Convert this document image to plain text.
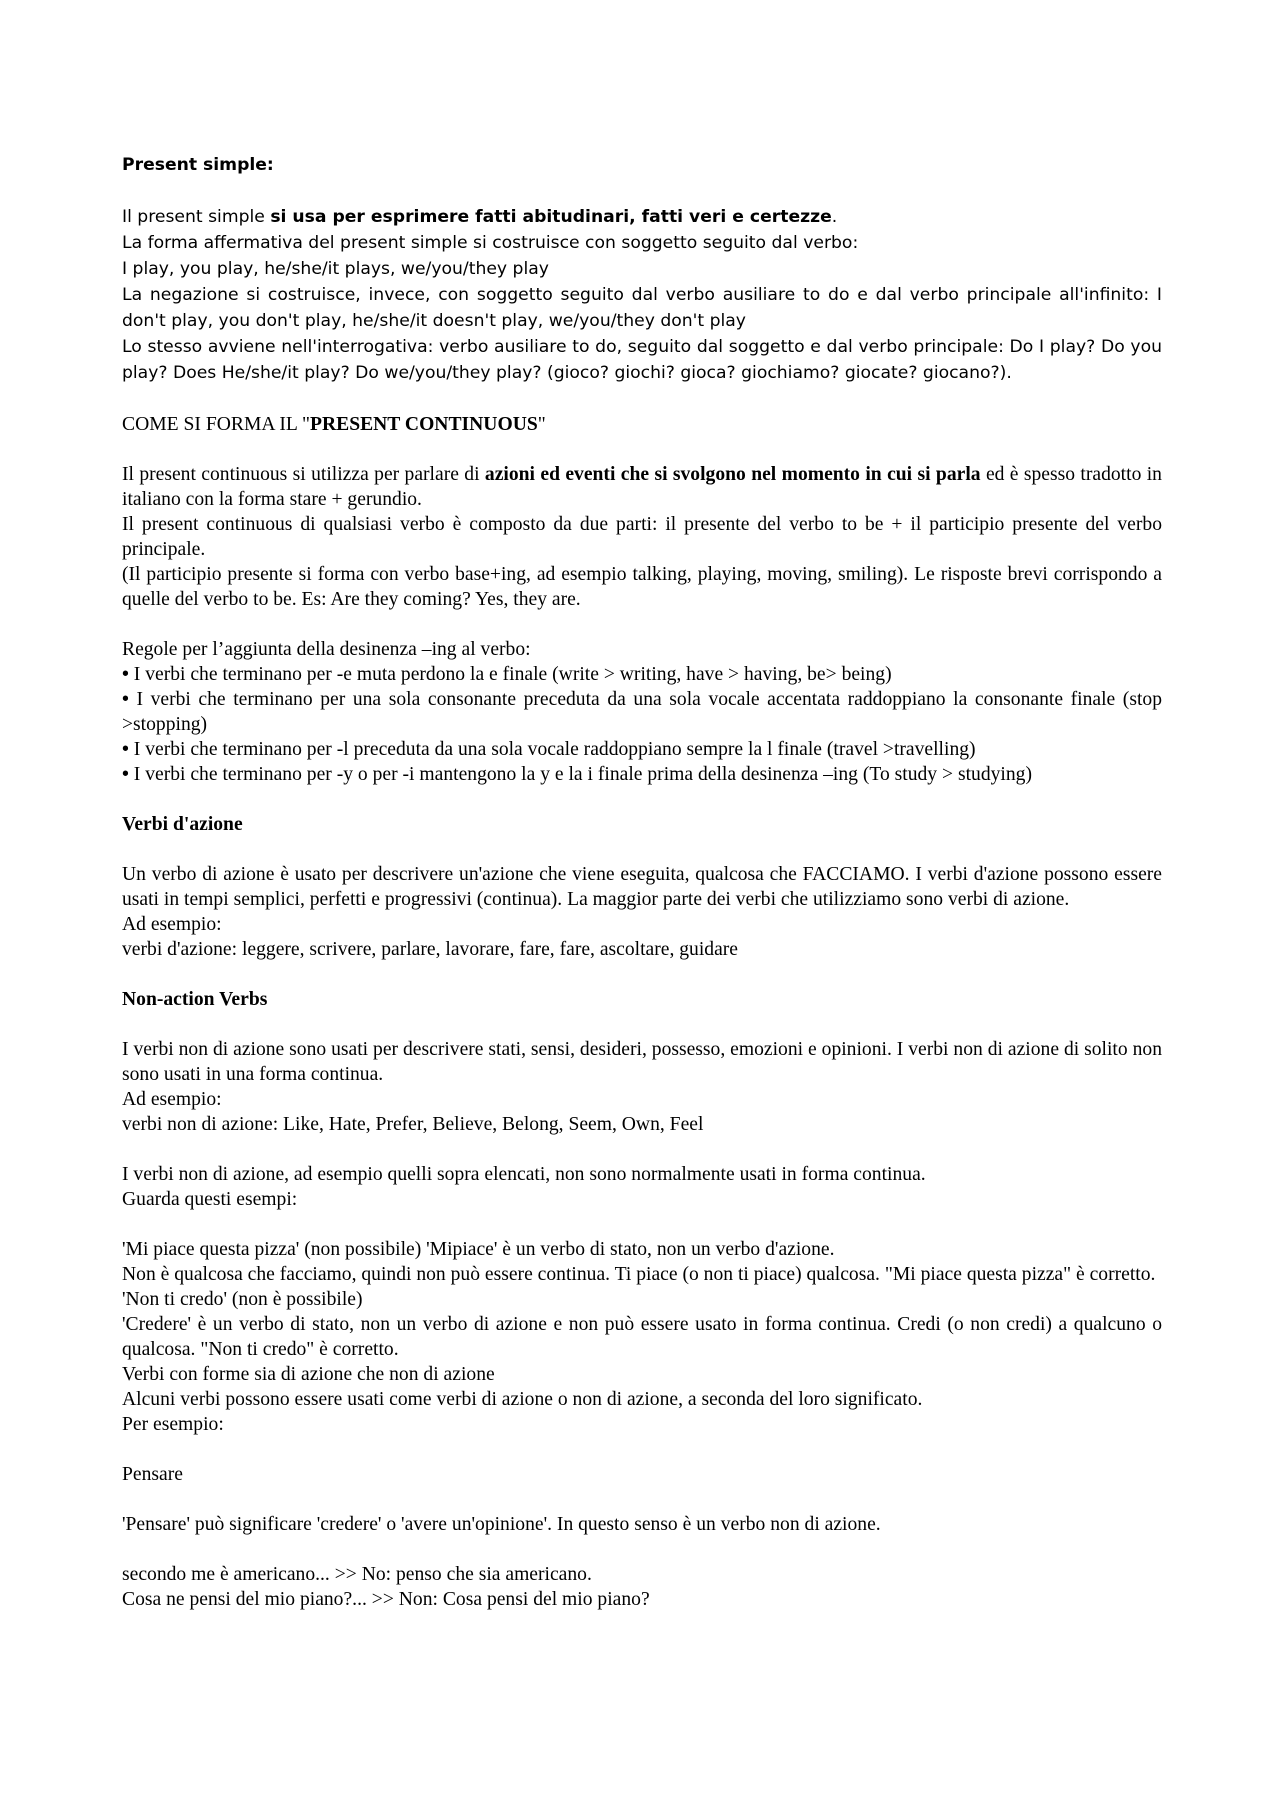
Present simple:

Il present simple si usa per esprimere fatti abitudinari, fatti veri e certezze.

La forma affermativa del present simple si costruisce con soggetto seguito dal verbo:

I play, you play, he/she/it plays, we/you/they play

La negazione si costruisce, invece, con soggetto seguito dal verbo ausiliare to do e dal verbo principale all'infinito: I don't play, you don't play, he/she/it doesn't play, we/you/they don't play

Lo stesso avviene nell'interrogativa: verbo ausiliare to do, seguito dal soggetto e dal verbo principale: Do I play? Do you play? Does He/she/it play? Do we/you/they play? (gioco? giochi? gioca? giochiamo? giocate? giocano?).

COME SI FORMA IL "PRESENT CONTINUOUS"

Il present continuous si utilizza per parlare di azioni ed eventi che si svolgono nel momento in cui si parla ed è spesso tradotto in italiano con la forma stare + gerundio.

Il present continuous di qualsiasi verbo è composto da due parti: il presente del verbo to be + il participio presente del verbo principale.

(Il participio presente si forma con verbo base+ing, ad esempio talking, playing, moving, smiling). Le risposte brevi corrispondo a quelle del verbo to be. Es: Are they coming? Yes, they are.

Regole per l’aggiunta della desinenza –ing al verbo:

• I verbi che terminano per -e muta perdono la e finale (write > writing, have > having, be> being)

• I verbi che terminano per una sola consonante preceduta da una sola vocale accentata raddoppiano la consonante finale (stop >stopping)

• I verbi che terminano per -l preceduta da una sola vocale raddoppiano sempre la l finale (travel >travelling)

• I verbi che terminano per -y o per -i mantengono la y e la i finale prima della desinenza –ing (To study > studying)

Verbi d'azione

Un verbo di azione è usato per descrivere un'azione che viene eseguita, qualcosa che FACCIAMO. I verbi d'azione possono essere usati in tempi semplici, perfetti e progressivi (continua). La maggior parte dei verbi che utilizziamo sono verbi di azione.

Ad esempio:

verbi d'azione: leggere, scrivere, parlare, lavorare, fare, fare, ascoltare, guidare

Non-action Verbs

I verbi non di azione sono usati per descrivere stati, sensi, desideri, possesso, emozioni e opinioni. I verbi non di azione di solito non sono usati in una forma continua.

Ad esempio:

verbi non di azione: Like, Hate, Prefer, Believe, Belong, Seem, Own, Feel

I verbi non di azione, ad esempio quelli sopra elencati, non sono normalmente usati in forma continua.

Guarda questi esempi:

'Mi piace questa pizza' (non possibile) 'Mipiace' è un verbo di stato, non un verbo d'azione.

Non è qualcosa che facciamo, quindi non può essere continua. Ti piace (o non ti piace) qualcosa. "Mi piace questa pizza" è corretto.

'Non ti credo' (non è possibile)

'Credere' è un verbo di stato, non un verbo di azione e non può essere usato in forma continua. Credi (o non credi) a qualcuno o qualcosa. "Non ti credo" è corretto.

Verbi con forme sia di azione che non di azione

Alcuni verbi possono essere usati come verbi di azione o non di azione, a seconda del loro significato.

Per esempio:

Pensare

'Pensare' può significare 'credere' o 'avere un'opinione'. In questo senso è un verbo non di azione.

secondo me è americano... >> No: penso che sia americano.

Cosa ne pensi del mio piano?... >> Non: Cosa pensi del mio piano?
